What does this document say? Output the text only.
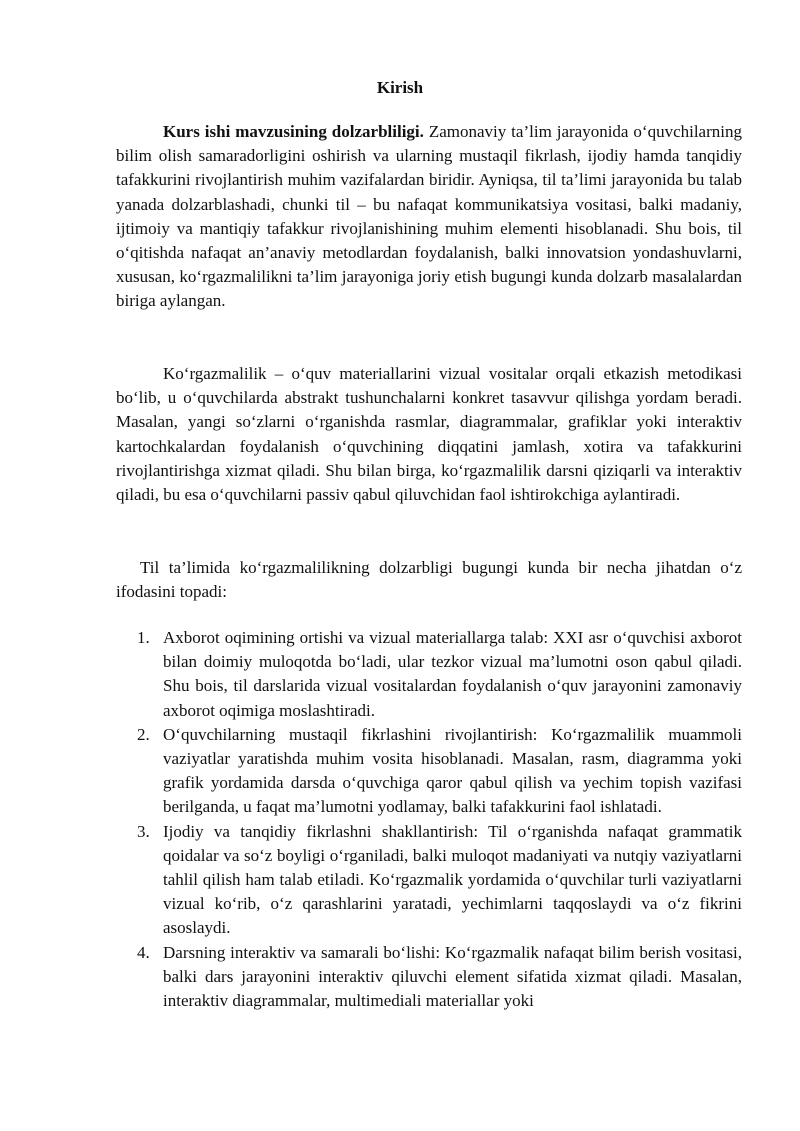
Kirish

Kurs ishi mavzusining dolzarbliligi. Zamonaviy ta’lim jarayonida o‘quvchilarning bilim olish samaradorligini oshirish va ularning mustaqil fikrlash, ijodiy hamda tanqidiy tafakkurini rivojlantirish muhim vazifalardan biridir. Ayniqsa, til ta’limi jarayonida bu talab yanada dolzarblashadi, chunki til – bu nafaqat kommunikatsiya vositasi, balki madaniy, ijtimoiy va mantiqiy tafakkur rivojlanishining muhim elementi hisoblanadi. Shu bois, til o‘qitishda nafaqat an’anaviy metodlardan foydalanish, balki innovatsion yondashuvlarni, xususan, ko‘rgazmalilikni ta’lim jarayoniga joriy etish bugungi kunda dolzarb masalalardan biriga aylangan.

Ko‘rgazmalilik – o‘quv materiallarini vizual vositalar orqali etkazish metodikasi bo‘lib, u o‘quvchilarda abstrakt tushunchalarni konkret tasavvur qilishga yordam beradi. Masalan, yangi so‘zlarni o‘rganishda rasmlar, diagrammalar, grafiklar yoki interaktiv kartochkalardan foydalanish o‘quvchining diqqatini jamlash, xotira va tafakkurini rivojlantirishga xizmat qiladi. Shu bilan birga, ko‘rgazmalilik darsni qiziqarli va interaktiv qiladi, bu esa o‘quvchilarni passiv qabul qiluvchidan faol ishtirokchiga aylantiradi.

Til ta’limida ko‘rgazmalilikning dolzarbligi bugungi kunda bir necha jihatdan o‘z ifodasini topadi:

1. Axborot oqimining ortishi va vizual materiallarga talab: XXI asr o‘quvchisi axborot bilan doimiy muloqotda bo‘ladi, ular tezkor vizual ma’lumotni oson qabul qiladi. Shu bois, til darslarida vizual vositalardan foydalanish o‘quv jarayonini zamonaviy axborot oqimiga moslashtiradi.
2. O‘quvchilarning mustaqil fikrlashini rivojlantirish: Ko‘rgazmalilik muammoli vaziyatlar yaratishda muhim vosita hisoblanadi. Masalan, rasm, diagramma yoki grafik yordamida darsda o‘quvchiga qaror qabul qilish va yechim topish vazifasi berilganda, u faqat ma’lumotni yodlamay, balki tafakkurini faol ishlatadi.
3. Ijodiy va tanqidiy fikrlashni shakllantirish: Til o‘rganishda nafaqat grammatik qoidalar va so‘z boyligi o‘rganiladi, balki muloqot madaniyati va nutqiy vaziyatlarni tahlil qilish ham talab etiladi. Ko‘rgazmalik yordamida o‘quvchilar turli vaziyatlarni vizual ko‘rib, o‘z qarashlarini yaratadi, yechimlarni taqqoslaydi va o‘z fikrini asoslaydi.
4. Darsning interaktiv va samarali bo‘lishi: Ko‘rgazmalik nafaqat bilim berish vositasi, balki dars jarayonini interaktiv qiluvchi element sifatida xizmat qiladi. Masalan, interaktiv diagrammalar, multimediali materiallar yoki
